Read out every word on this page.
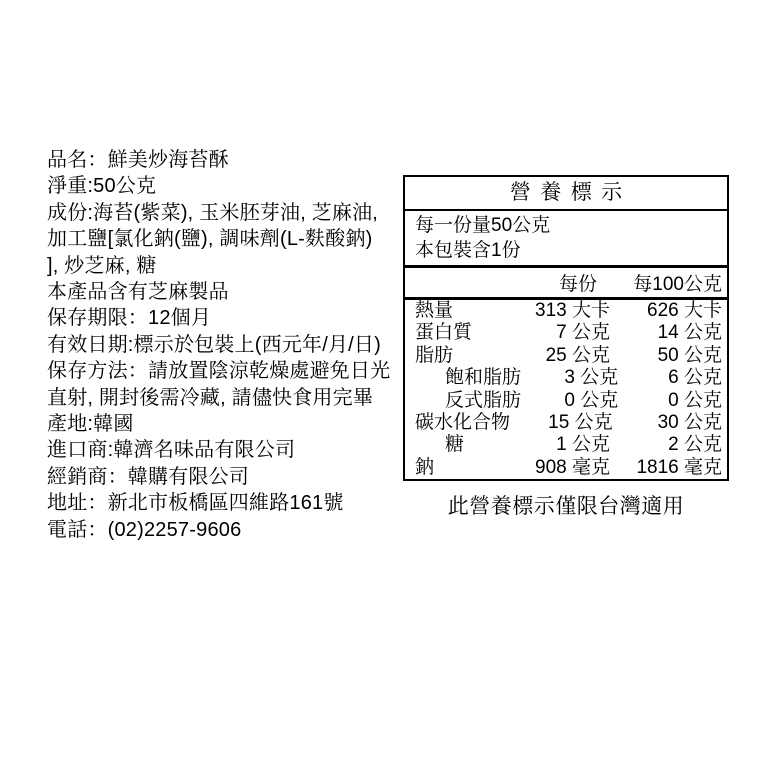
品名：鮮美炒海苔酥
淨重:50公克
成份:海苔(紫菜), 玉米胚芽油, 芝麻油,
加工鹽[氯化鈉(鹽), 調味劑(L-麩酸鈉)
], 炒芝麻, 糖
本產品含有芝麻製品
保存期限：12個月
有效日期:標示於包裝上(西元年/月/日)
保存方法：請放置陰涼乾燥處避免日光
直射, 開封後需冷藏, 請儘快食用完畢
產地:韓國
進口商:韓濟名味品有限公司
經銷商：韓購有限公司
地址：新北市板橋區四維路161號
電話：(02)2257-9606
營養標示
每一份量50公克
本包裝含1份
每份	每100公克
熱量	313 大卡	626 大卡
蛋白質	7 公克	14 公克
脂肪	25 公克	50 公克
飽和脂肪	3 公克	6 公克
反式脂肪	0 公克	0 公克
碳水化合物	15 公克	30 公克
糖	1 公克	2 公克
鈉	908 毫克	1816 毫克
此營養標示僅限台灣適用
